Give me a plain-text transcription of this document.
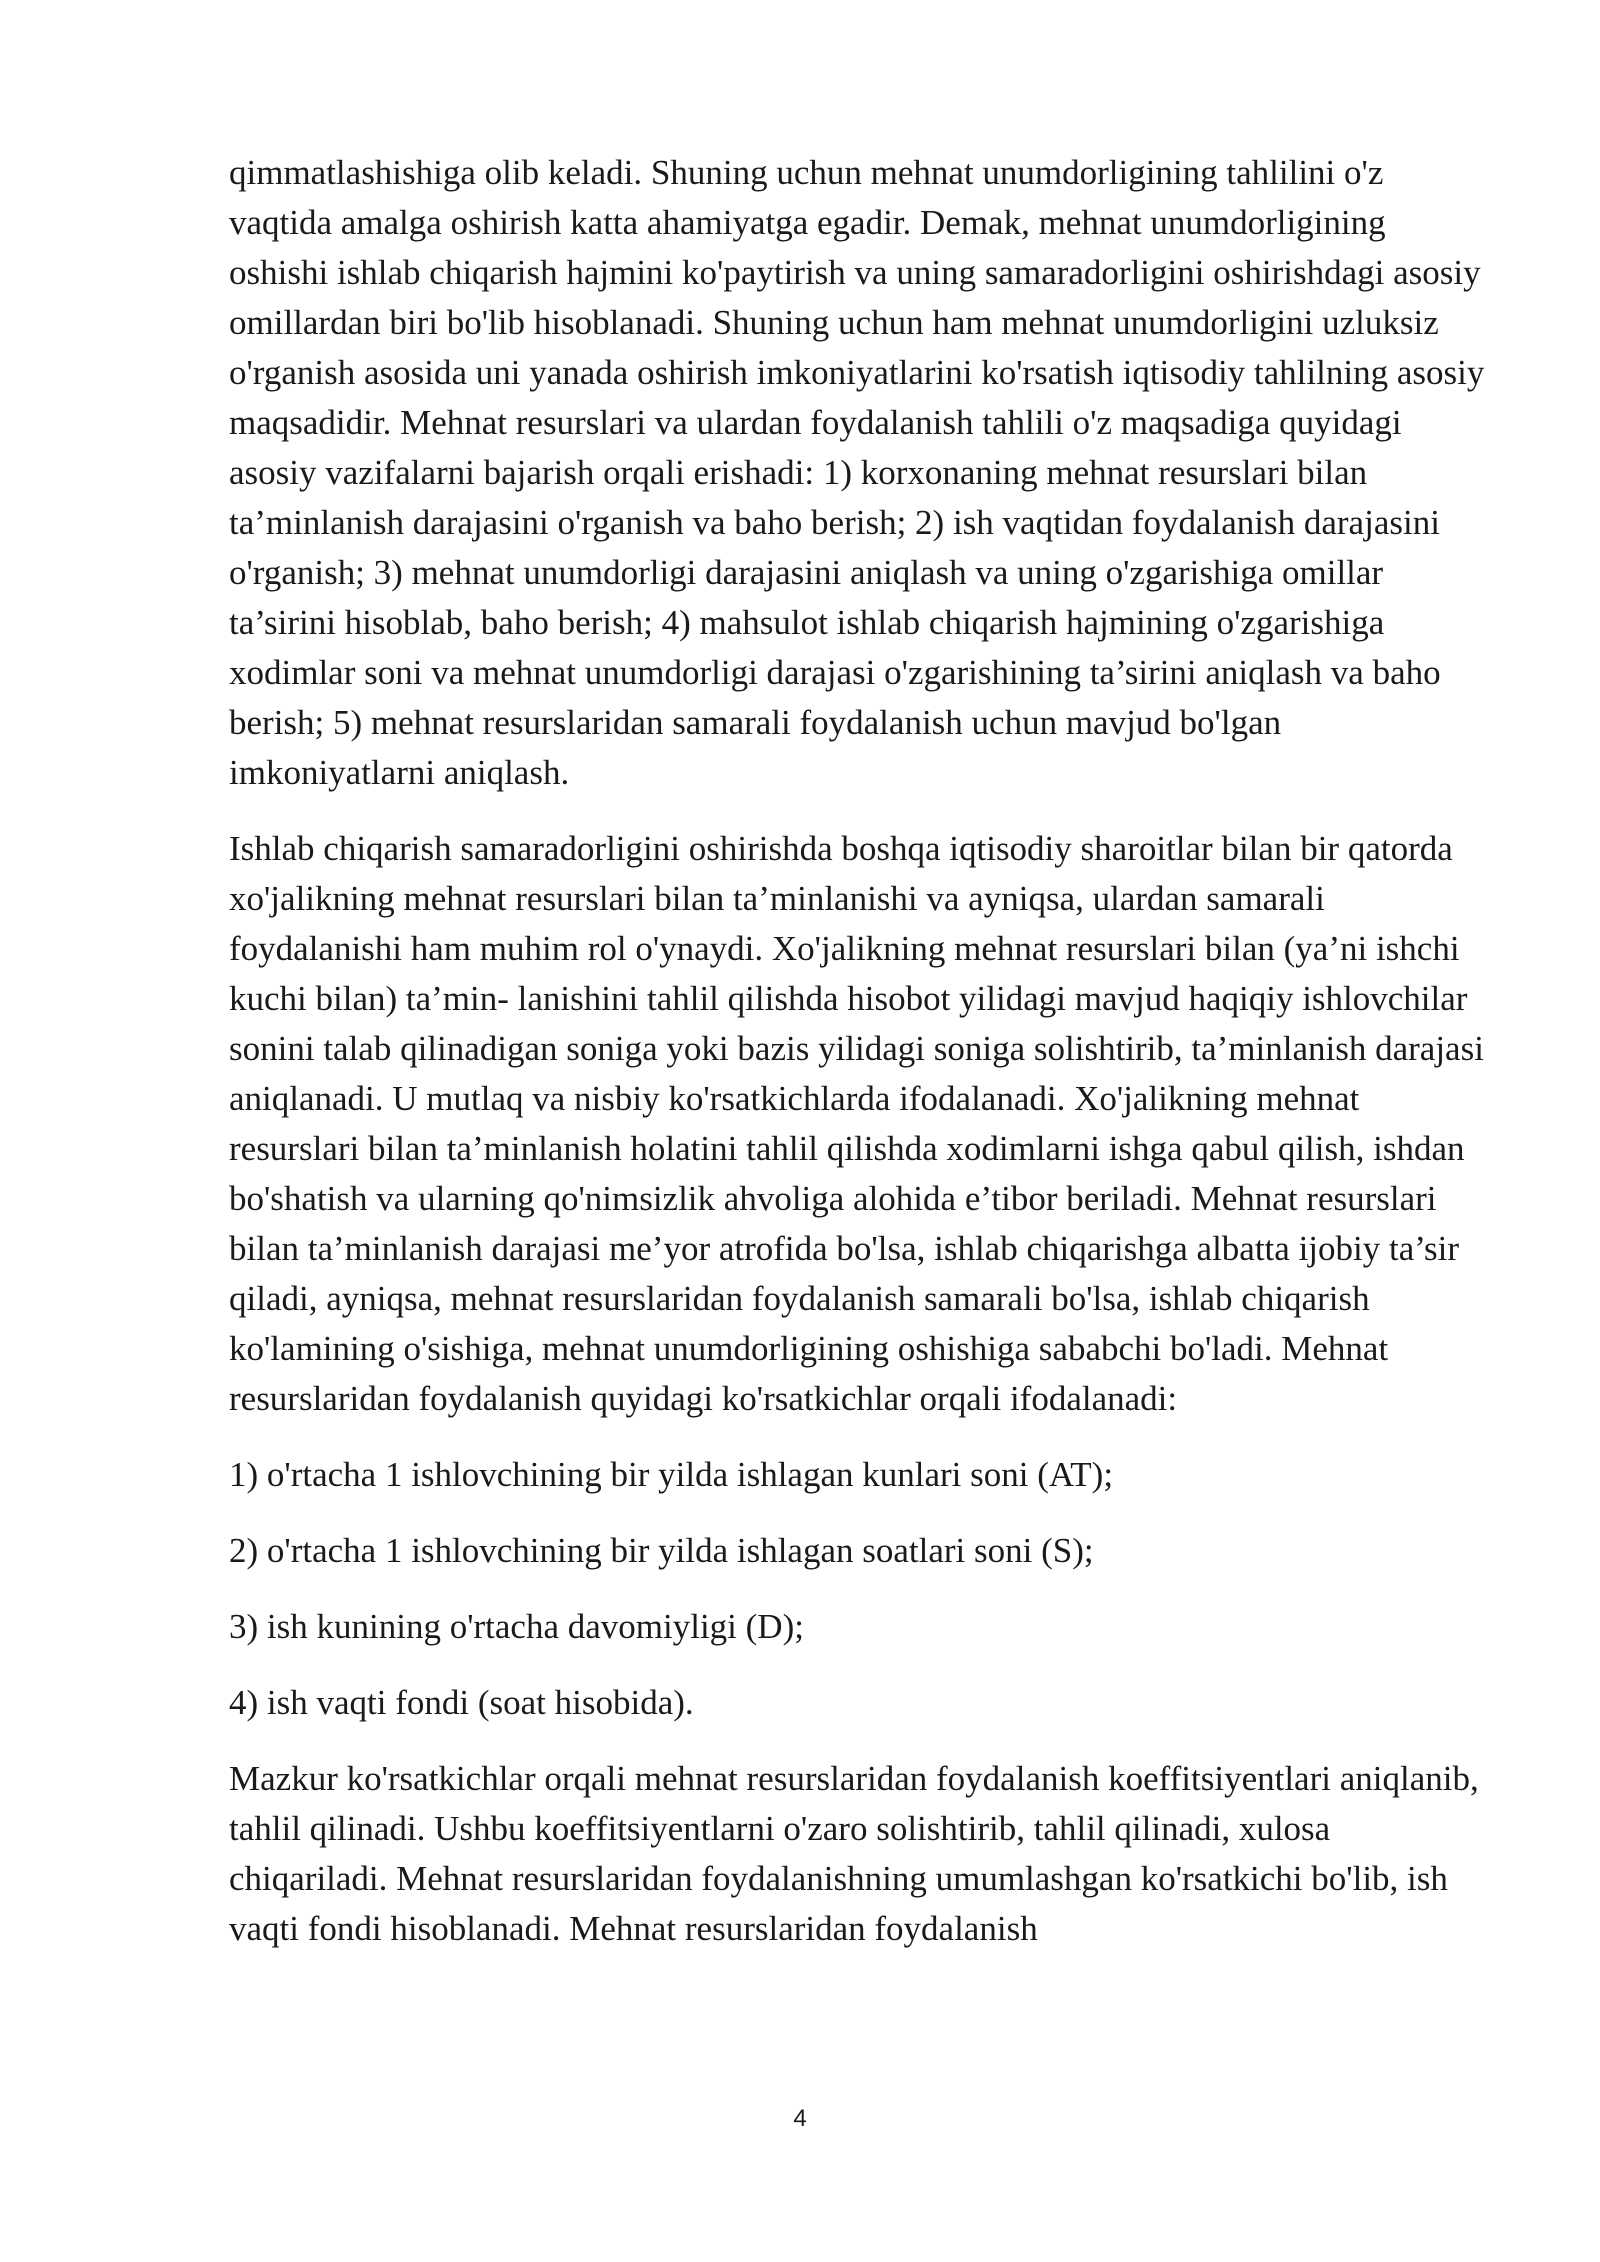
qimmatlashishiga olib keladi. Shuning uchun mehnat unumdorligining tahlilini o'z vaqtida amalga oshirish katta ahamiyatga egadir. Demak, mehnat unumdorligining oshishi ishlab chiqarish hajmini ko'paytirish va uning samaradorligini oshirishdagi asosiy omillardan biri bo'lib hisoblanadi. Shuning uchun ham mehnat unumdorligini uzluksiz o'rganish asosida uni yanada oshirish imkoniyatlarini ko'rsatish iqtisodiy tahlilning asosiy maqsadidir. Mehnat resurslari va ulardan foydalanish tahlili o'z maqsadiga quyidagi asosiy vazifalarni bajarish orqali erishadi: 1) korxonaning mehnat resurslari bilan ta’minlanish darajasini o'rganish va baho berish; 2) ish vaqtidan foydalanish darajasini o'rganish; 3) mehnat unumdorligi darajasini aniqlash va uning o'zgarishiga omillar ta’sirini hisoblab, baho berish; 4) mahsulot ishlab chiqarish hajmining o'zgarishiga xodimlar soni va mehnat unumdorligi darajasi o'zgarishining ta’sirini aniqlash va baho berish; 5) mehnat resurslaridan samarali foydalanish uchun mavjud bo'lgan imkoniyatlarni aniqlash.

Ishlab chiqarish samaradorligini oshirishda boshqa iqtisodiy sharoitlar bilan bir qatorda xo'jalikning mehnat resurslari bilan ta’minlanishi va ayniqsa, ulardan samarali foydalanishi ham muhim rol o'ynaydi. Xo'jalikning mehnat resurslari bilan (ya’ni ishchi kuchi bilan) ta’min- lanishini tahlil qilishda hisobot yilidagi mavjud haqiqiy ishlovchilar sonini talab qilinadigan soniga yoki bazis yilidagi soniga solishtirib, ta’minlanish darajasi aniqlanadi. U mutlaq va nisbiy ko'rsatkichlarda ifodalanadi. Xo'jalikning mehnat resurslari bilan ta’minlanish holatini tahlil qilishda xodimlarni ishga qabul qilish, ishdan bo'shatish va ularning qo'nimsizlik ahvoliga alohida e’tibor beriladi. Mehnat resurslari bilan ta’minlanish darajasi me’yor atrofida bo'lsa, ishlab chiqarishga albatta ijobiy ta’sir qiladi, ayniqsa, mehnat resurslaridan foydalanish samarali bo'lsa, ishlab chiqarish ko'lamining o'sishiga, mehnat unumdorligining oshishiga sababchi bo'ladi. Mehnat resurslaridan foydalanish quyidagi ko'rsatkichlar orqali ifodalanadi:

1) o'rtacha 1 ishlovchining bir yilda ishlagan kunlari soni (AT);

2) o'rtacha 1 ishlovchining bir yilda ishlagan soatlari soni (S);

3) ish kunining o'rtacha davomiyligi (D);

4) ish vaqti fondi (soat hisobida).

Mazkur ko'rsatkichlar orqali mehnat resurslaridan foydalanish koeffitsiyentlari aniqlanib, tahlil qilinadi. Ushbu koeffitsiyentlarni o'zaro solishtirib, tahlil qilinadi, xulosa chiqariladi. Mehnat resurslaridan foydalanishning umumlashgan ko'rsatkichi bo'lib, ish vaqti fondi hisoblanadi. Mehnat resurslaridan foydalanish

4
